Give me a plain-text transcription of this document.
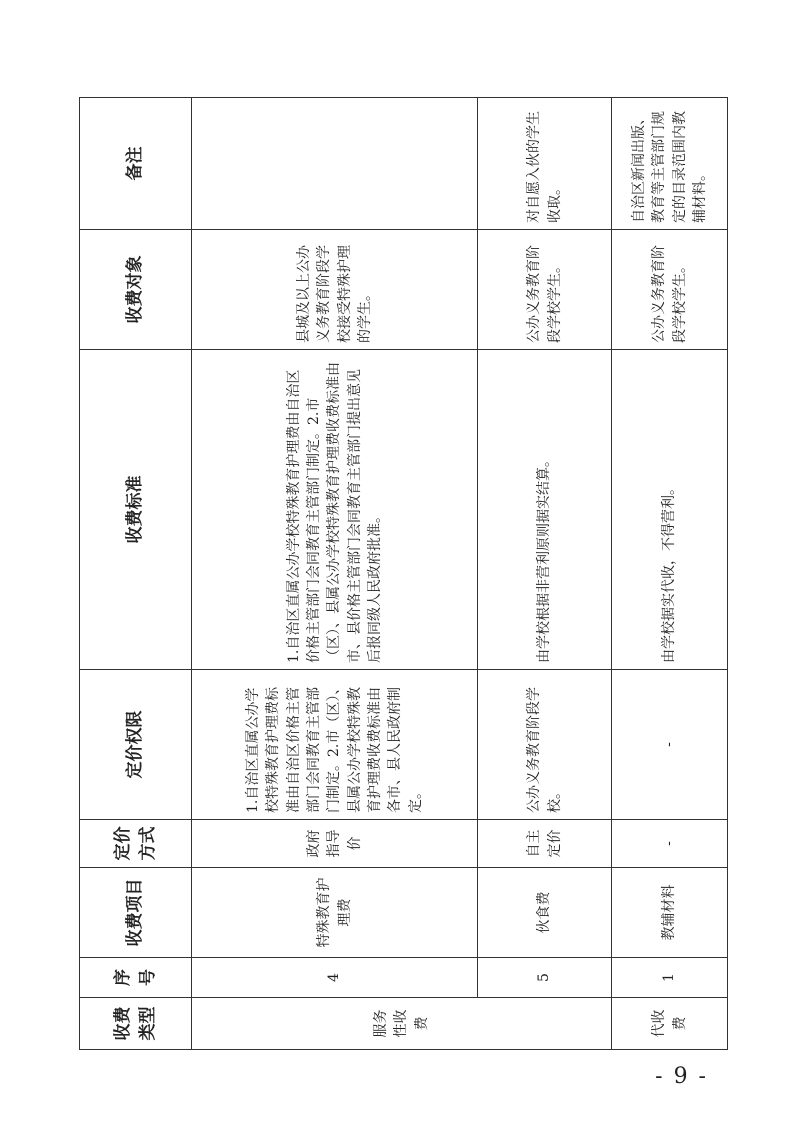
收费类型	序号	收费项目	定价方式	定价权限	收费标准	收费对象	备注
服务性收费	4	特殊教育护理费	政府指导价	1.自治区直属公办学校特殊教育护理费标准由自治区价格主管部门会同教育主管部门制定。2.市（区）、县属公办学校特殊教育护理费收费标准由各市、县人民政府制定。	1.自治区直属公办学校特殊教育护理费由自治区价格主管部门会同教育主管部门制定。2.市（区）、县属公办学校特殊教育护理费收费标准由市、县价格主管部门会同教育主管部门提出意见后报同级人民政府批准。	县城及以上公办义务教育阶段学校接受特殊护理的学生。	
	5	伙食费	自主定价	公办义务教育阶段学校。	由学校根据非营利原则据实结算。	公办义务教育阶段学校学生。	对自愿入伙的学生收取。
代收费	1	教辅材料	-	-	由学校据实代收，不得营利。	公办义务教育阶段学校学生。	自治区新闻出版、教育等主管部门规定的目录范围内教辅材料。
- 9 -
